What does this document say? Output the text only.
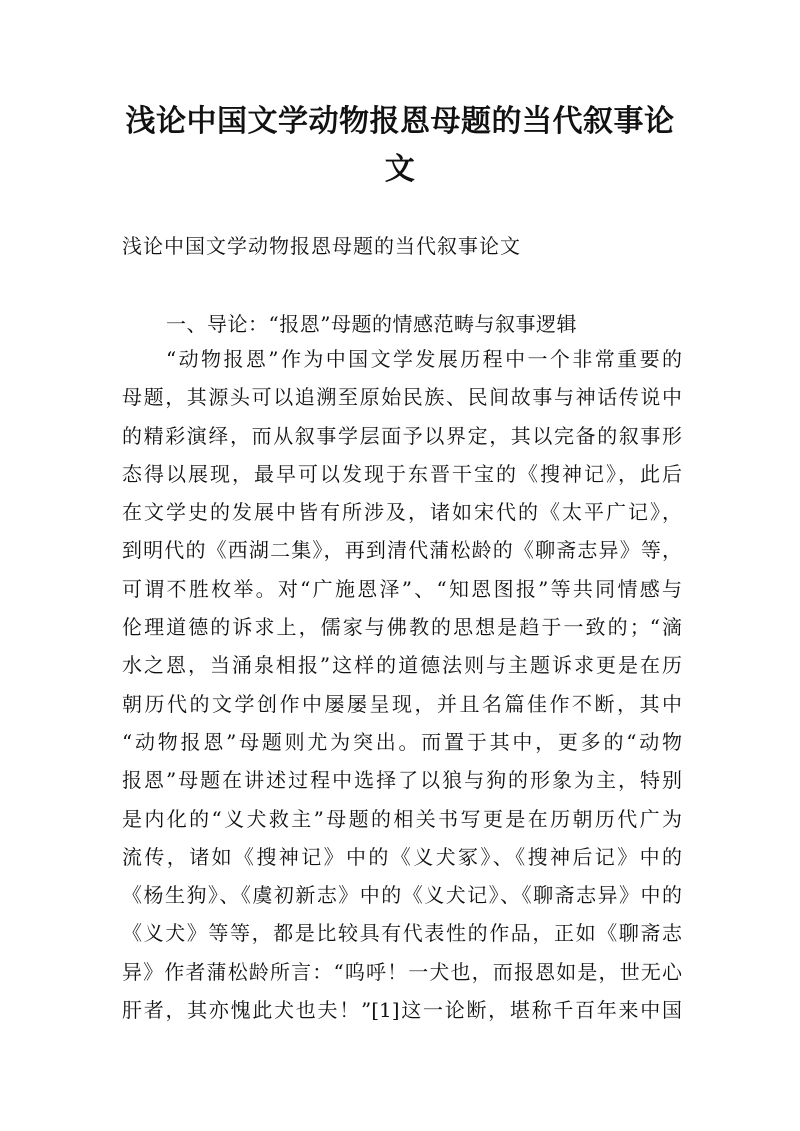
浅论中国文学动物报恩母题的当代叙事论
文

浅论中国文学动物报恩母题的当代叙事论文

一、导论：“报恩”母题的情感范畴与叙事逻辑

“动物报恩”作为中国文学发展历程中一个非常重要的
母题，其源头可以追溯至原始民族、民间故事与神话传说中
的精彩演绎，而从叙事学层面予以界定，其以完备的叙事形
态得以展现，最早可以发现于东晋干宝的《搜神记》，此后
在文学史的发展中皆有所涉及，诸如宋代的《太平广记》，
到明代的《西湖二集》，再到清代蒲松龄的《聊斋志异》等，
可谓不胜枚举。对“广施恩泽”、“知恩图报”等共同情感与
伦理道德的诉求上，儒家与佛教的思想是趋于一致的；“滴
水之恩，当涌泉相报”这样的道德法则与主题诉求更是在历
朝历代的文学创作中屡屡呈现，并且名篇佳作不断，其中
“动物报恩”母题则尤为突出。而置于其中，更多的“动物
报恩”母题在讲述过程中选择了以狼与狗的形象为主，特别
是内化的“义犬救主”母题的相关书写更是在历朝历代广为
流传，诸如《搜神记》中的《义犬冢》、《搜神后记》中的
《杨生狗》、《虞初新志》中的《义犬记》、《聊斋志异》中的
《义犬》等等，都是比较具有代表性的作品，正如《聊斋志
异》作者蒲松龄所言：“呜呼！一犬也，而报恩如是，世无心
肝者，其亦愧此犬也夫！”[1]这一论断，堪称千百年来中国
